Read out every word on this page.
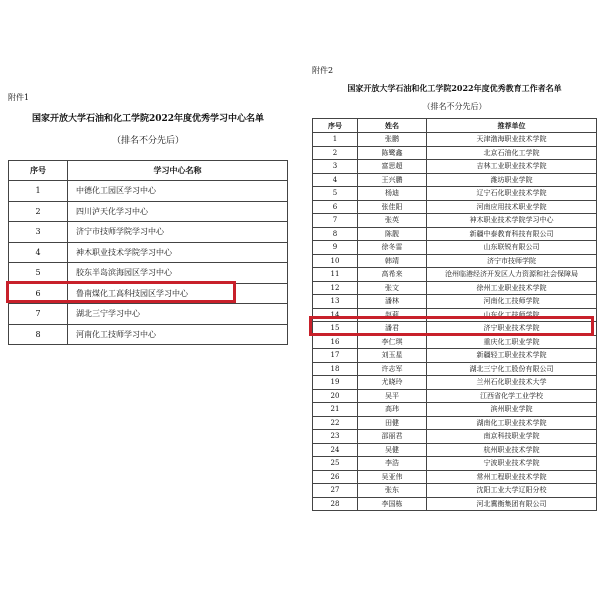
附件1

国家开放大学石油和化工学院2022年度优秀学习中心名单

（排名不分先后）

序号	学习中心名称
1	中德化工园区学习中心
2	四川泸天化学习中心
3	济宁市技师学院学习中心
4	神木职业技术学院学习中心
5	胶东半岛滨海园区学习中心
6	鲁南煤化工高科技园区学习中心
7	湖北三宁学习中心
8	河南化工技师学习中心

附件2

国家开放大学石油和化工学院2022年度优秀教育工作者名单

（排名不分先后）

序号	姓名	推荐单位
1	张鹏	天津渤海职业技术学院
2	陈鹭鑫	北京石油化工学院
3	富思超	吉林工业职业技术学院
4	王兴鹏	潍坊职业学院
5	杨迪	辽宁石化职业技术学院
6	张佳阳	河南应用技术职业学院
7	张英	神木职业技术学院学习中心
8	陈靓	新疆中泰教育科技有限公司
9	徐冬雷	山东联锐有限公司
10	韩靖	济宁市技师学院
11	高希来	沧州临港经济开发区人力资源和社会保障局
12	张文	徐州工业职业技术学院
13	潘林	河南化工技师学院
14	赵莉	山东化工技师学院
15	潘君	济宁职业技术学院
16	李仁琪	重庆化工职业学院
17	刘玉星	新疆轻工职业技术学院
18	许志军	湖北三宁化工股份有限公司
19	尤晓玲	兰州石化职业技术大学
20	吴平	江西省化学工业学校
21	高玮	滨州职业学院
22	田健	湖南化工职业技术学院
23	邵丽君	南京科技职业学院
24	吴健	杭州职业技术学院
25	李浩	宁波职业技术学院
26	吴亚伟	常州工程职业技术学院
27	张东	沈阳工业大学辽阳分校
28	李国栋	河北冀衡集团有限公司
